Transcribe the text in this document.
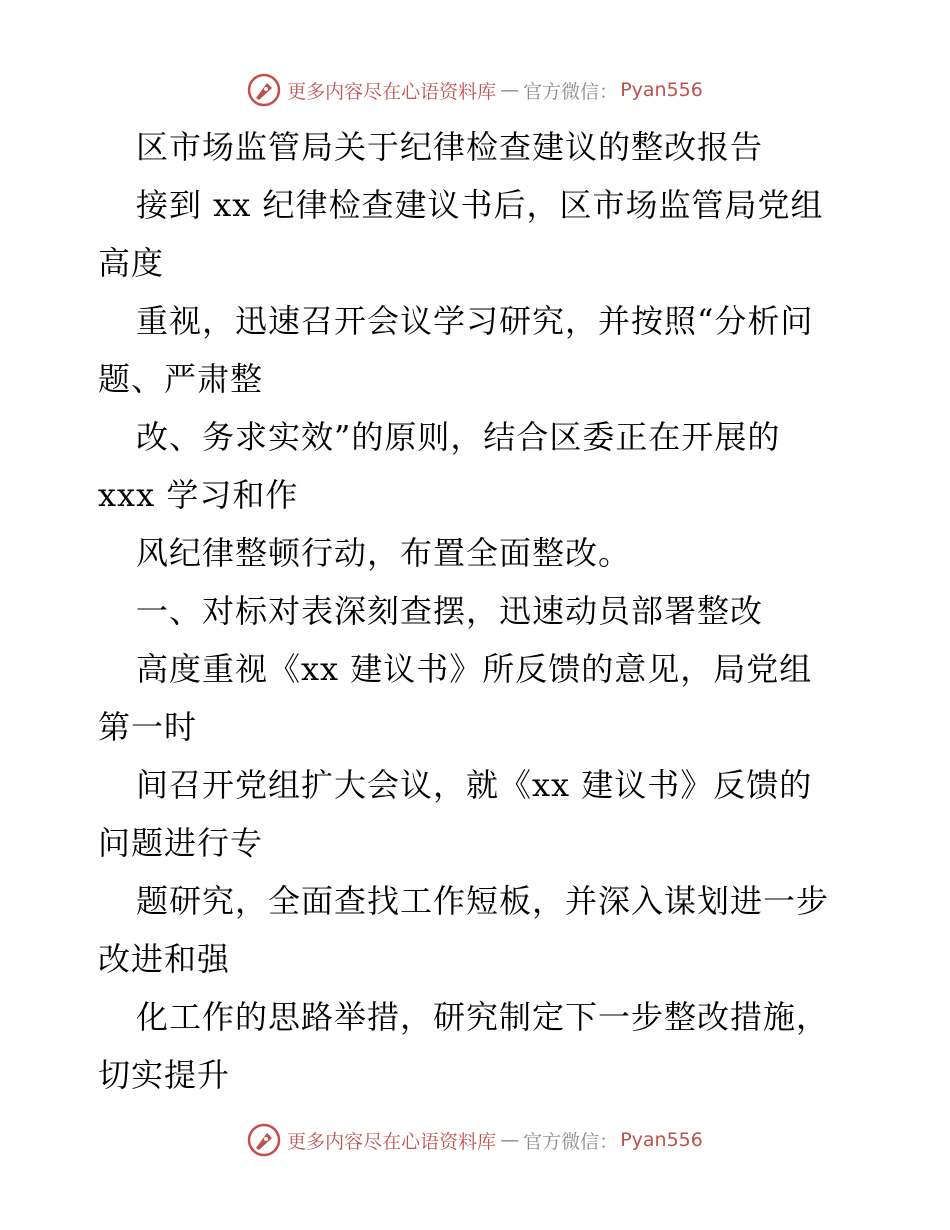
更多内容尽在心语资料库 — 官方微信： Pyan556
区市场监管局关于纪律检查建议的整改报告
接到 xx 纪律检查建议书后，区市场监管局党组
高度
重视，迅速召开会议学习研究，并按照“分析问
题、严肃整
改、务求实效”的原则，结合区委正在开展的
xxx 学习和作
风纪律整顿行动，布置全面整改。
一、对标对表深刻查摆，迅速动员部署整改
高度重视《xx 建议书》所反馈的意见，局党组
第一时
间召开党组扩大会议，就《xx 建议书》反馈的
问题进行专
题研究，全面查找工作短板，并深入谋划进一步
改进和强
化工作的思路举措，研究制定下一步整改措施，
切实提升
更多内容尽在心语资料库 — 官方微信： Pyan556
